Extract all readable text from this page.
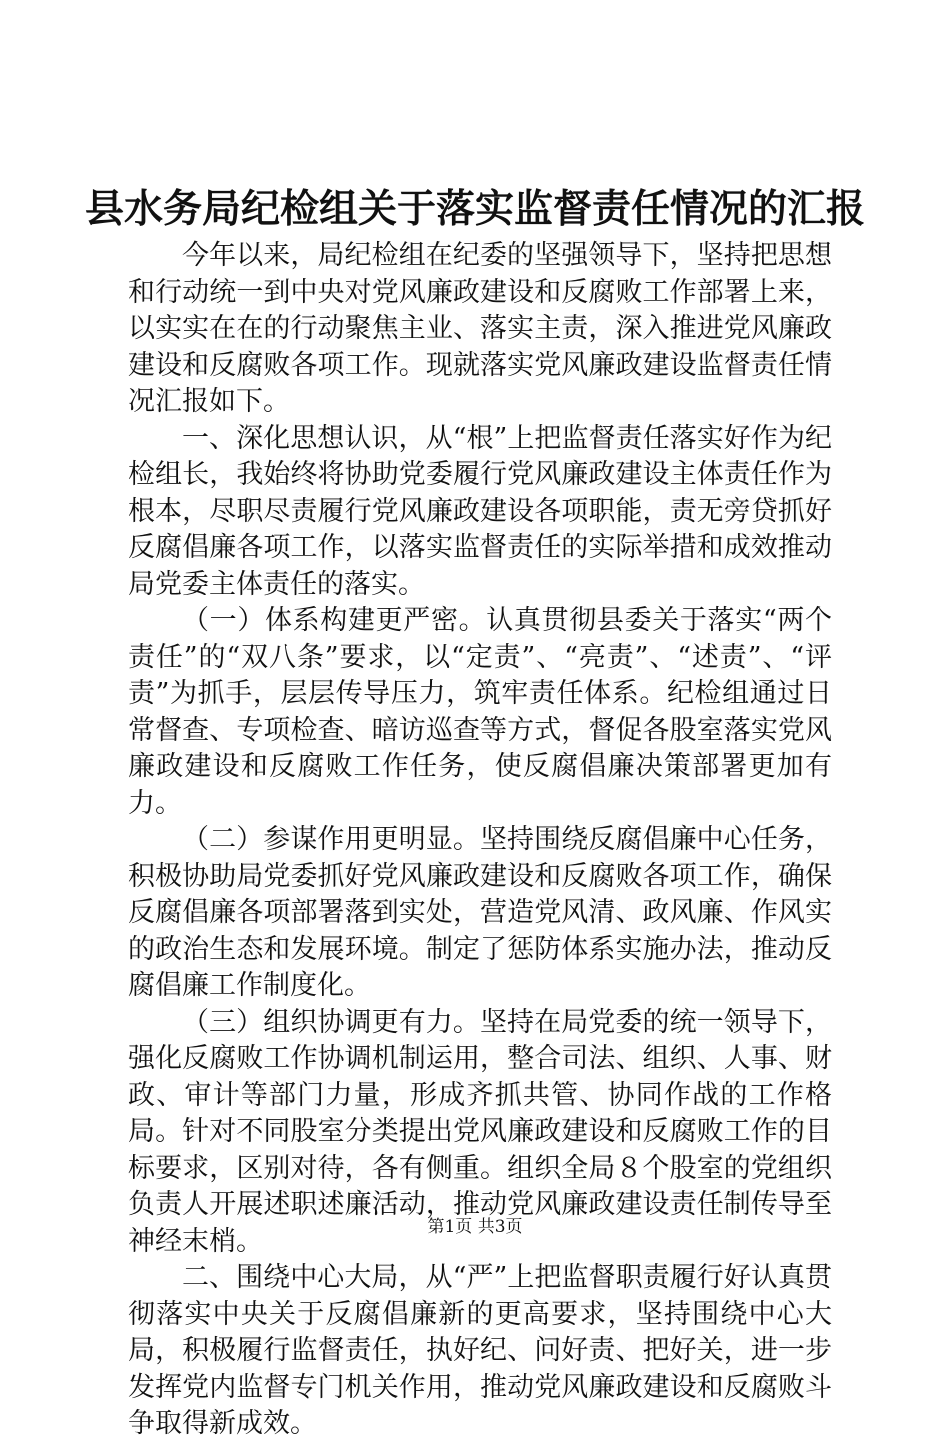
县水务局纪检组关于落实监督责任情况的汇报

今年以来，局纪检组在纪委的坚强领导下，坚持把思想和行动统一到中央对党风廉政建设和反腐败工作部署上来，以实实在在的行动聚焦主业、落实主责，深入推进党风廉政建设和反腐败各项工作。现就落实党风廉政建设监督责任情况汇报如下。

一、深化思想认识，从“根”上把监督责任落实好作为纪检组长，我始终将协助党委履行党风廉政建设主体责任作为根本，尽职尽责履行党风廉政建设各项职能，责无旁贷抓好反腐倡廉各项工作，以落实监督责任的实际举措和成效推动局党委主体责任的落实。

（一）体系构建更严密。认真贯彻县委关于落实“两个责任”的“双八条”要求，以“定责”、“亮责”、“述责”、“评责”为抓手，层层传导压力，筑牢责任体系。纪检组通过日常督查、专项检查、暗访巡查等方式，督促各股室落实党风廉政建设和反腐败工作任务，使反腐倡廉决策部署更加有力。

（二）参谋作用更明显。坚持围绕反腐倡廉中心任务，积极协助局党委抓好党风廉政建设和反腐败各项工作，确保反腐倡廉各项部署落到实处，营造党风清、政风廉、作风实的政治生态和发展环境。制定了惩防体系实施办法，推动反腐倡廉工作制度化。

（三）组织协调更有力。坚持在局党委的统一领导下，强化反腐败工作协调机制运用，整合司法、组织、人事、财政、审计等部门力量，形成齐抓共管、协同作战的工作格局。针对不同股室分类提出党风廉政建设和反腐败工作的目标要求，区别对待，各有侧重。组织全局８个股室的党组织负责人开展述职述廉活动，推动党风廉政建设责任制传导至神经末梢。

二、围绕中心大局，从“严”上把监督职责履行好认真贯彻落实中央关于反腐倡廉新的更高要求，坚持围绕中心大局，积极履行监督责任，执好纪、问好责、把好关，进一步发挥党内监督专门机关作用，推动党风廉政建设和反腐败斗争取得新成效。

第1页 共3页
